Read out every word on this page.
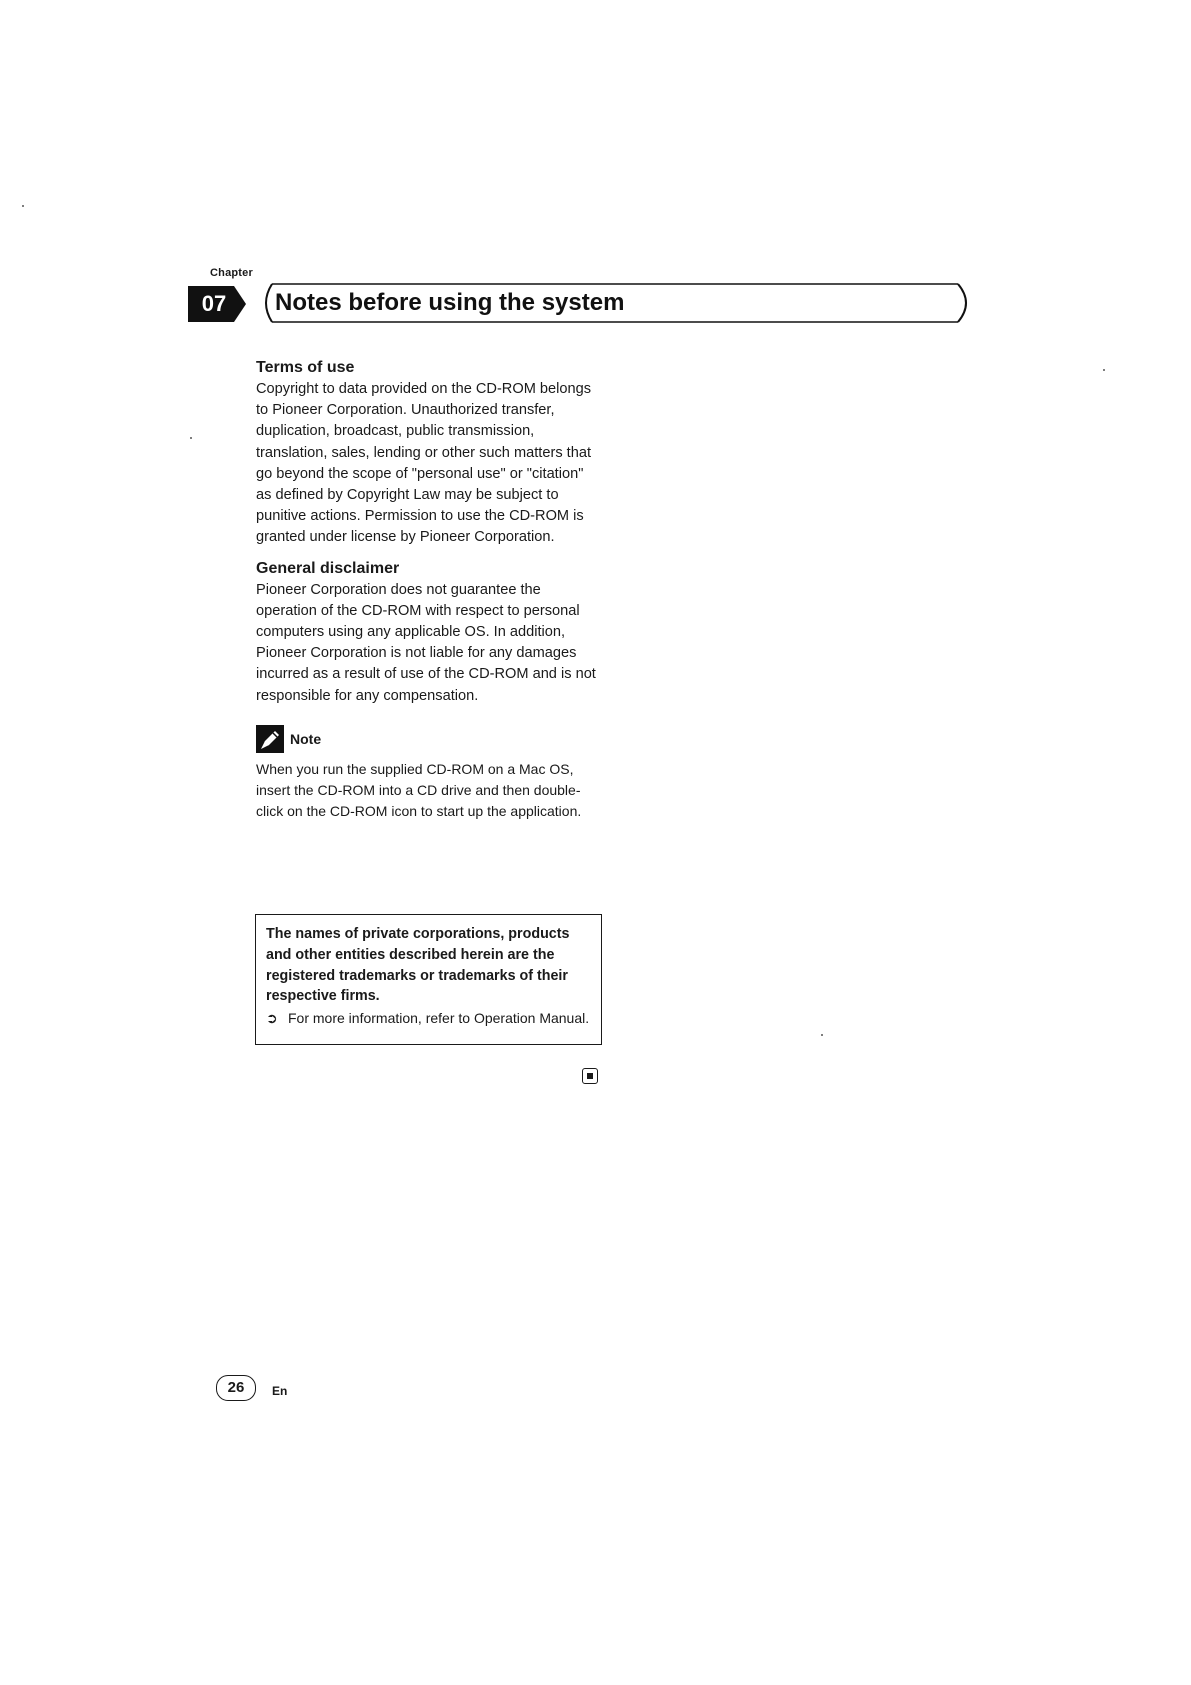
Chapter
07	Notes before using the system
Terms of use

Copyright to data provided on the CD-ROM belongs to Pioneer Corporation. Unauthorized transfer, duplication, broadcast, public transmission, translation, sales, lending or other such matters that go beyond the scope of "personal use" or "citation" as defined by Copyright Law may be subject to punitive actions. Permission to use the CD-ROM is granted under license by Pioneer Corporation.

General disclaimer

Pioneer Corporation does not guarantee the operation of the CD-ROM with respect to personal computers using any applicable OS. In addition, Pioneer Corporation is not liable for any damages incurred as a result of use of the CD-ROM and is not responsible for any compensation.

Note

When you run the supplied CD-ROM on a Mac OS, insert the CD-ROM into a CD drive and then double-click on the CD-ROM icon to start up the application.

The names of private corporations, products and other entities described herein are the registered trademarks or trademarks of their respective firms.

➲ For more information, refer to Operation Manual.
26	En
